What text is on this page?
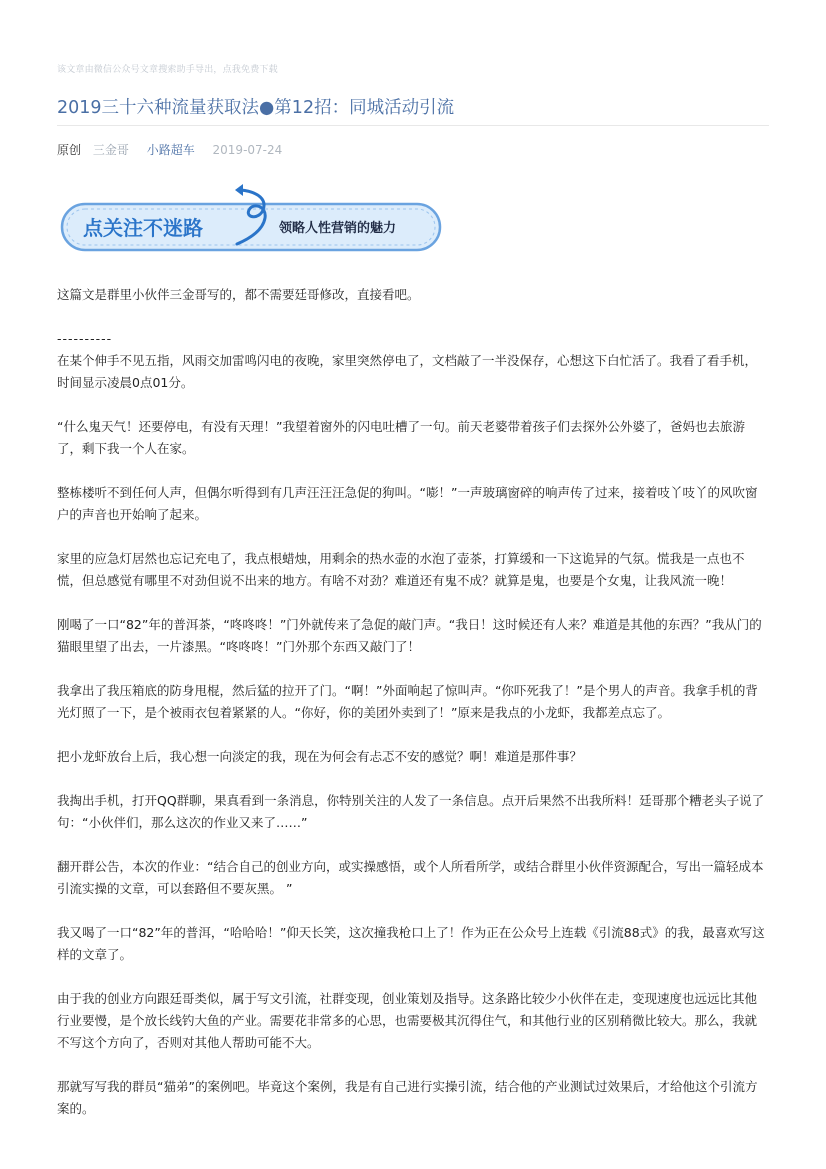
该文章由微信公众号文章搜索助手导出，点我免费下载
2019三十六种流量获取法●第12招：同城活动引流
原创 三金哥 小路超车 2019-07-24
点关注不迷路	领略人性营销的魅力

这篇文是群里小伙伴三金哥写的，都不需要廷哥修改，直接看吧。

----------

在某个伸手不见五指，风雨交加雷鸣闪电的夜晚，家里突然停电了，文档敲了一半没保存，心想这下白忙活了。我看了看手机，时间显示凌晨0点01分。

“什么鬼天气！还要停电，有没有天理！”我望着窗外的闪电吐槽了一句。前天老婆带着孩子们去探外公外婆了，爸妈也去旅游了，剩下我一个人在家。

整栋楼听不到任何人声，但偶尔听得到有几声汪汪汪急促的狗叫。“嘭！”一声玻璃窗碎的响声传了过来，接着吱丫吱丫的风吹窗户的声音也开始响了起来。

家里的应急灯居然也忘记充电了，我点根蜡烛，用剩余的热水壶的水泡了壶茶，打算缓和一下这诡异的气氛。慌我是一点也不慌，但总感觉有哪里不对劲但说不出来的地方。有啥不对劲？难道还有鬼不成？就算是鬼，也要是个女鬼，让我风流一晚！

刚喝了一口“82”年的普洱茶，“咚咚咚！”门外就传来了急促的敲门声。“我日！这时候还有人来？难道是其他的东西？”我从门的猫眼里望了出去，一片漆黑。“咚咚咚！”门外那个东西又敲门了！

我拿出了我压箱底的防身甩棍，然后猛的拉开了门。“啊！”外面响起了惊叫声。“你吓死我了！”是个男人的声音。我拿手机的背光灯照了一下，是个被雨衣包着紧紧的人。“你好，你的美团外卖到了！”原来是我点的小龙虾，我都差点忘了。

把小龙虾放台上后，我心想一向淡定的我，现在为何会有忐忑不安的感觉？啊！难道是那件事？

我掏出手机，打开QQ群聊，果真看到一条消息，你特别关注的人发了一条信息。点开后果然不出我所料！廷哥那个糟老头子说了句：“小伙伴们，那么这次的作业又来了……”

翻开群公告，本次的作业：“结合自己的创业方向，或实操感悟，或个人所看所学，或结合群里小伙伴资源配合，写出一篇轻成本引流实操的文章，可以套路但不要灰黑。 ”

我又喝了一口“82”年的普洱，“哈哈哈！”仰天长笑，这次撞我枪口上了！作为正在公众号上连载《引流88式》的我，最喜欢写这样的文章了。

由于我的创业方向跟廷哥类似，属于写文引流，社群变现，创业策划及指导。这条路比较少小伙伴在走，变现速度也远远比其他行业要慢，是个放长线钓大鱼的产业。需要花非常多的心思，也需要极其沉得住气，和其他行业的区别稍微比较大。那么，我就不写这个方向了，否则对其他人帮助可能不大。

那就写写我的群员“猫弟”的案例吧。毕竟这个案例，我是有自己进行实操引流，结合他的产业测试过效果后，才给他这个引流方案的。
